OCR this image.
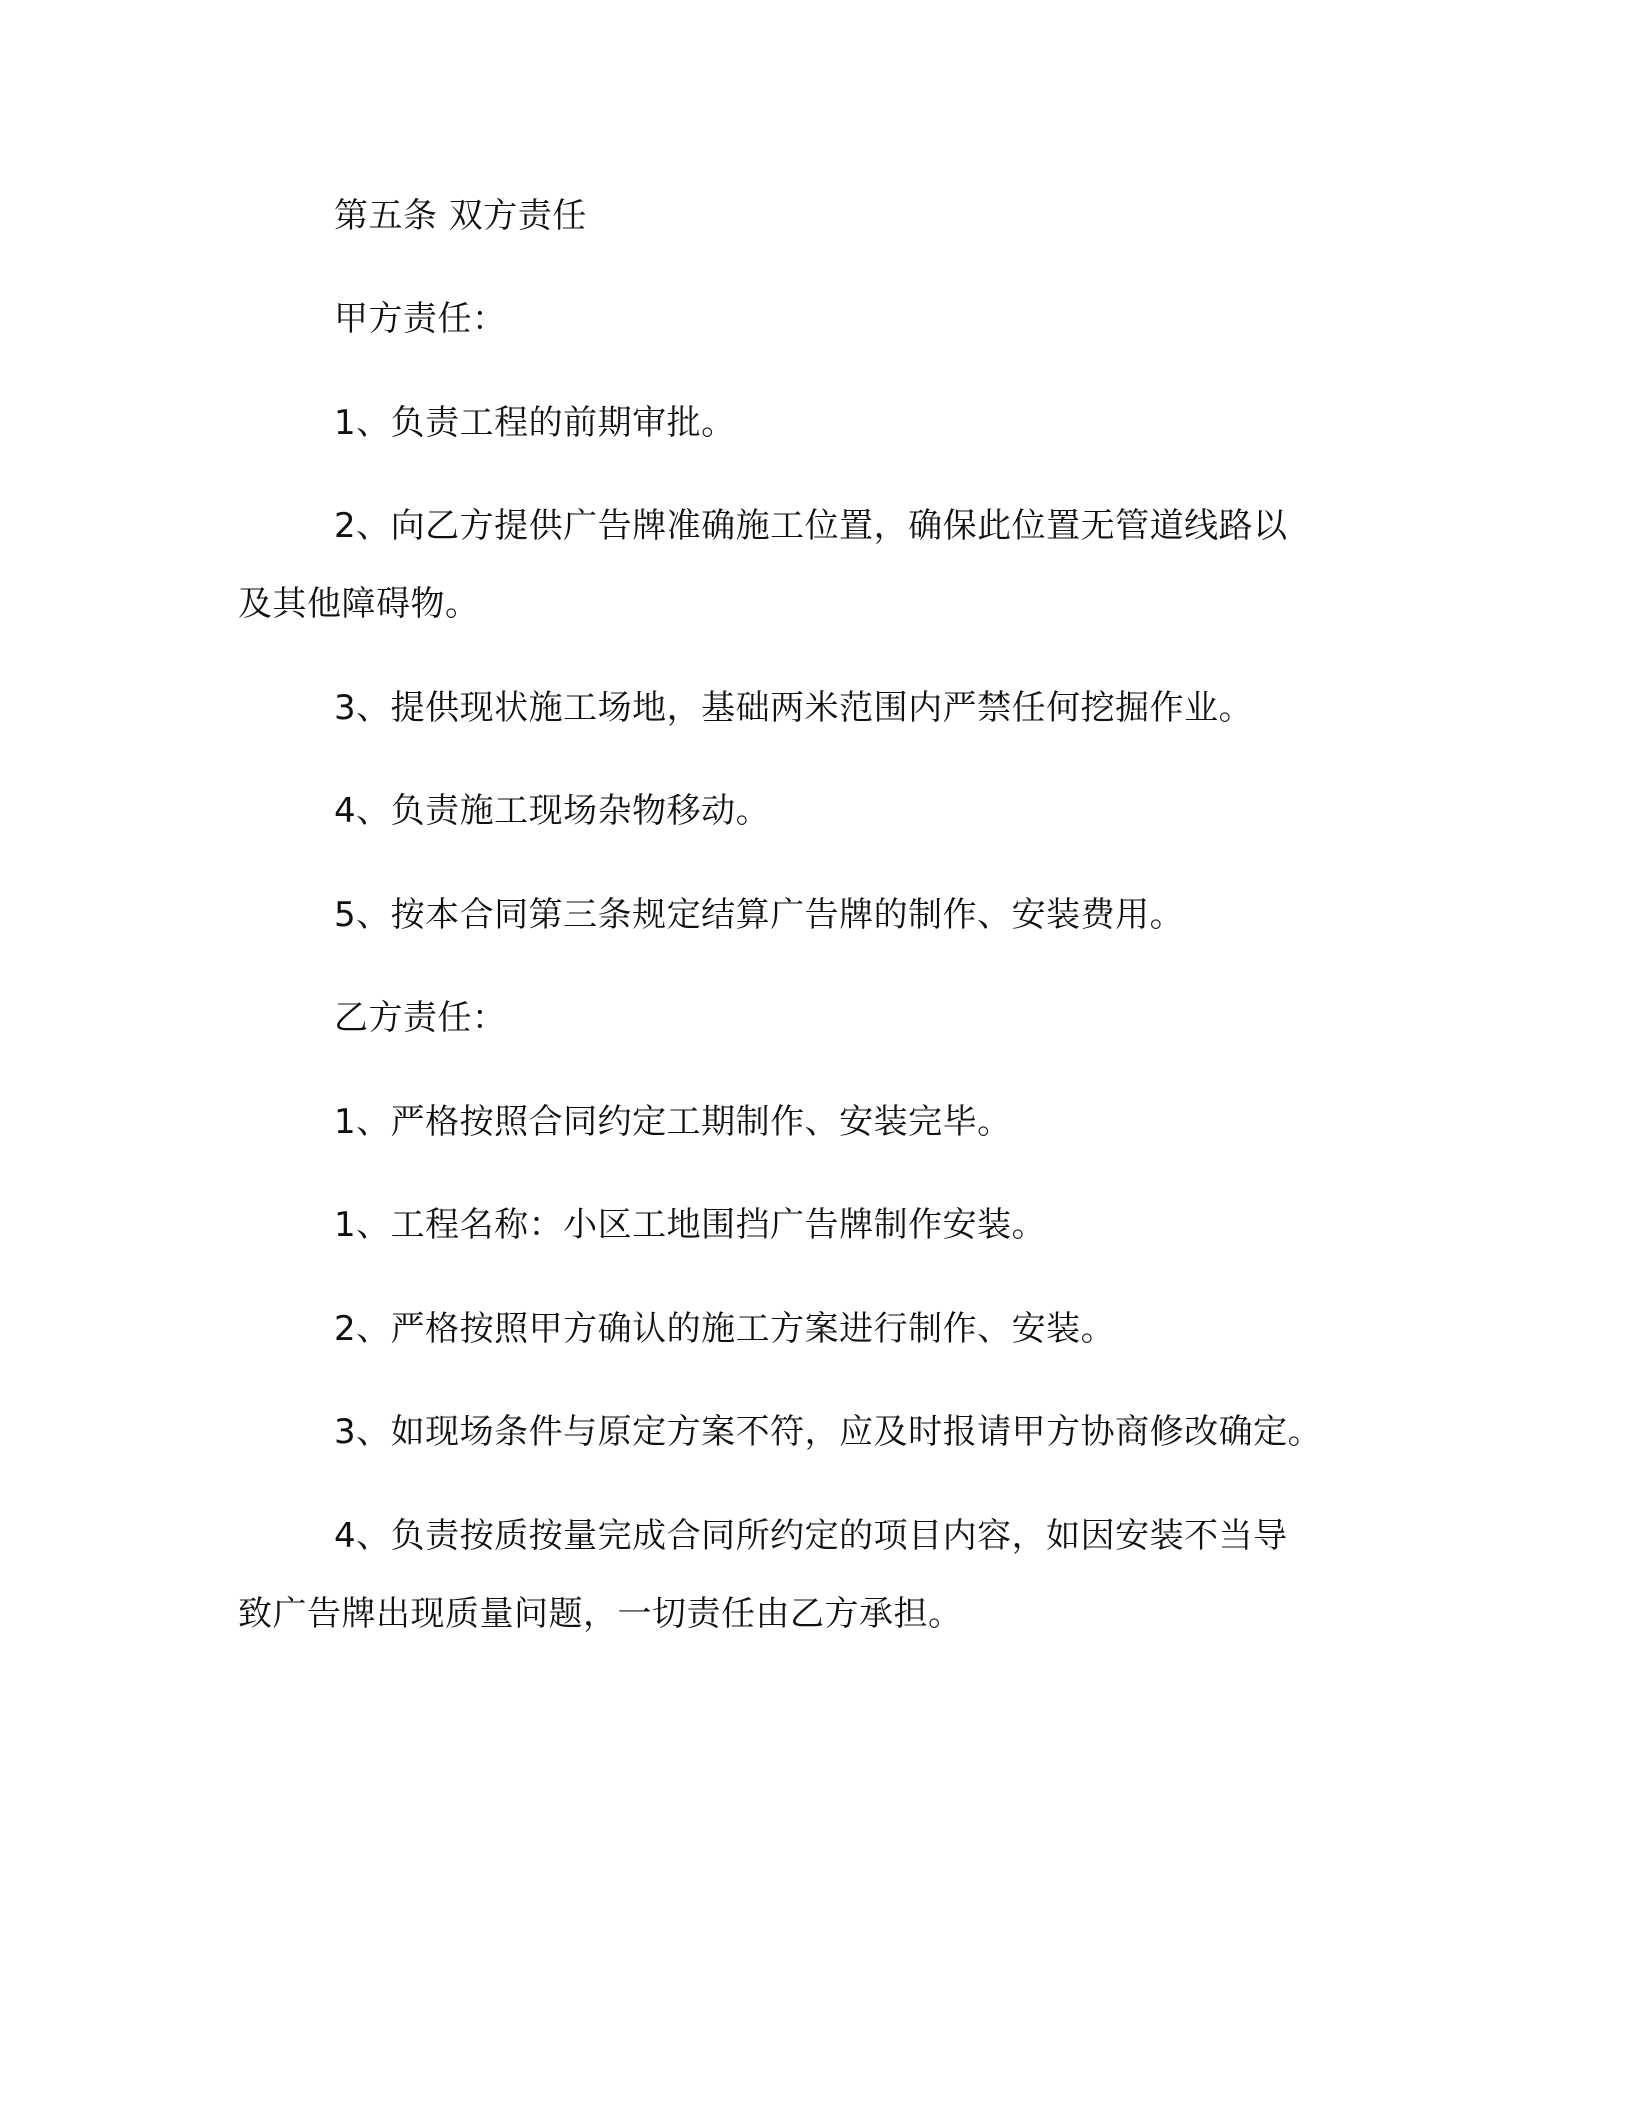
第五条 双方责任
甲方责任：
1、负责工程的前期审批。
2、向乙方提供广告牌准确施工位置，确保此位置无管道线路以
及其他障碍物。
3、提供现状施工场地，基础两米范围内严禁任何挖掘作业。
4、负责施工现场杂物移动。
5、按本合同第三条规定结算广告牌的制作、安装费用。
乙方责任：
1、严格按照合同约定工期制作、安装完毕。
1、工程名称：小区工地围挡广告牌制作安装。
2、严格按照甲方确认的施工方案进行制作、安装。
3、如现场条件与原定方案不符，应及时报请甲方协商修改确定。
4、负责按质按量完成合同所约定的项目内容，如因安装不当导
致广告牌出现质量问题，一切责任由乙方承担。
